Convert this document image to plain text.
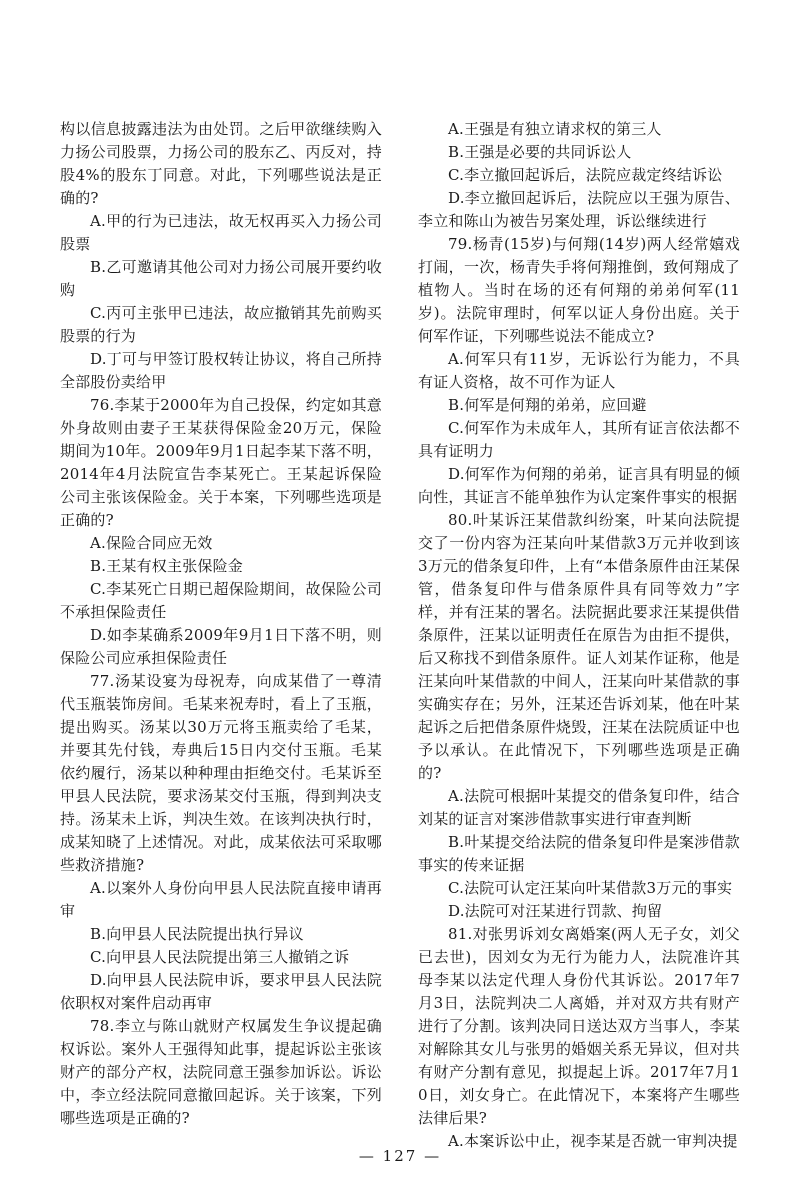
构以信息披露违法为由处罚。之后甲欲继续购入力扬公司股票，力扬公司的股东乙、丙反对，持股4%的股东丁同意。对此，下列哪些说法是正确的?

A.甲的行为已违法，故无权再买入力扬公司股票

B.乙可邀请其他公司对力扬公司展开要约收购

C.丙可主张甲已违法，故应撤销其先前购买股票的行为

D.丁可与甲签订股权转让协议，将自己所持全部股份卖给甲

76.李某于2000年为自己投保，约定如其意外身故则由妻子王某获得保险金20万元，保险期间为10年。2009年9月1日起李某下落不明，2014年4月法院宣告李某死亡。王某起诉保险公司主张该保险金。关于本案，下列哪些选项是正确的?

A.保险合同应无效

B.王某有权主张保险金

C.李某死亡日期已超保险期间，故保险公司不承担保险责任

D.如李某确系2009年9月1日下落不明，则保险公司应承担保险责任

77.汤某设宴为母祝寿，向成某借了一尊清代玉瓶装饰房间。毛某来祝寿时，看上了玉瓶，提出购买。汤某以30万元将玉瓶卖给了毛某，并要其先付钱，寿典后15日内交付玉瓶。毛某依约履行，汤某以种种理由拒绝交付。毛某诉至甲县人民法院，要求汤某交付玉瓶，得到判决支持。汤某未上诉，判决生效。在该判决执行时，成某知晓了上述情况。对此，成某依法可采取哪些救济措施?

A.以案外人身份向甲县人民法院直接申请再审

B.向甲县人民法院提出执行异议

C.向甲县人民法院提出第三人撤销之诉

D.向甲县人民法院申诉，要求甲县人民法院依职权对案件启动再审

78.李立与陈山就财产权属发生争议提起确权诉讼。案外人王强得知此事，提起诉讼主张该财产的部分产权，法院同意王强参加诉讼。诉讼中，李立经法院同意撤回起诉。关于该案，下列哪些选项是正确的?

A.王强是有独立请求权的第三人

B.王强是必要的共同诉讼人

C.李立撤回起诉后，法院应裁定终结诉讼

D.李立撤回起诉后，法院应以王强为原告、李立和陈山为被告另案处理，诉讼继续进行

79.杨青(15岁)与何翔(14岁)两人经常嬉戏打闹，一次，杨青失手将何翔推倒，致何翔成了植物人。当时在场的还有何翔的弟弟何军(11岁)。法院审理时，何军以证人身份出庭。关于何军作证，下列哪些说法不能成立?

A.何军只有11岁，无诉讼行为能力，不具有证人资格，故不可作为证人

B.何军是何翔的弟弟，应回避

C.何军作为未成年人，其所有证言依法都不具有证明力

D.何军作为何翔的弟弟，证言具有明显的倾向性，其证言不能单独作为认定案件事实的根据

80.叶某诉汪某借款纠纷案，叶某向法院提交了一份内容为汪某向叶某借款3万元并收到该3万元的借条复印件，上有“本借条原件由汪某保管，借条复印件与借条原件具有同等效力”字样，并有汪某的署名。法院据此要求汪某提供借条原件，汪某以证明责任在原告为由拒不提供，后又称找不到借条原件。证人刘某作证称，他是汪某向叶某借款的中间人，汪某向叶某借款的事实确实存在；另外，汪某还告诉刘某，他在叶某起诉之后把借条原件烧毁，汪某在法院质证中也予以承认。在此情况下，下列哪些选项是正确的?

A.法院可根据叶某提交的借条复印件，结合刘某的证言对案涉借款事实进行审查判断

B.叶某提交给法院的借条复印件是案涉借款事实的传来证据

C.法院可认定汪某向叶某借款3万元的事实

D.法院可对汪某进行罚款、拘留

81.对张男诉刘女离婚案(两人无子女，刘父已去世)，因刘女为无行为能力人，法院准许其母李某以法定代理人身份代其诉讼。2017年7月3日，法院判决二人离婚，并对双方共有财产进行了分割。该判决同日送达双方当事人，李某对解除其女儿与张男的婚姻关系无异议，但对共有财产分割有意见，拟提起上诉。2017年7月10日，刘女身亡。在此情况下，本案将产生哪些法律后果?

A.本案诉讼中止，视李某是否就一审判决提

— 127 —
